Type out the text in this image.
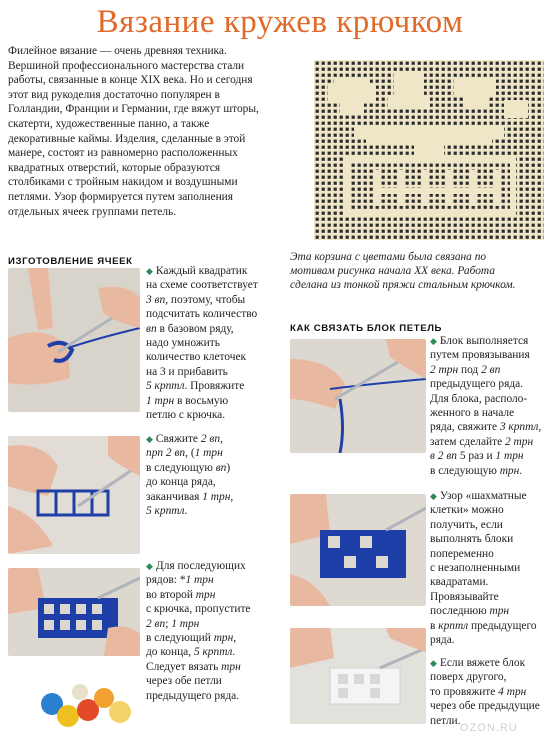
Вязание кружев крючком
Филейное вязание — очень древняя техника. Вершиной профессионального мастерства стали работы, связанные в конце XIX века. Но и сегодня этот вид рукоделия достаточно популярен в Голландии, Франции и Германии, где вяжут шторы, скатерти, художественные панно, а также декоративные каймы. Изделия, сделанные в этой манере, состоят из равномерно расположенных квадратных отверстий, которые образуются столбиками с тройным накидом и воздушными петлями. Узор формируется путем заполнения отдельных ячеек группами петель.
Эта корзина с цветами была связана по мотивам рисунка начала XX века. Работа сделана из тонкой пряжи стальным крючком.
ИЗГОТОВЛЕНИЕ ЯЧЕЕК
КАК СВЯЗАТЬ БЛОК ПЕТЕЛЬ
◆ Каждый квадратик
на схеме соответствует
3 вп, поэтому, чтобы
подсчитать количество
вп в базовом ряду,
надо умножить
количество клеточек
на 3 и прибавить
5 крптл. Провяжите
1 трн в восьмую
петлю с крючка.
◆ Свяжите 2 вп,
прп 2 вп, (1 трн
в следующую вп)
до конца ряда,
заканчивая 1 трн,
5 крптл.
◆ Для последующих
рядов: *1 трн
во второй трн
с крючка, пропустите
2 вп; 1 трн
в следующий трн,
до конца, 5 крптл.
Следует вязать трн
через обе петли
предыдущего ряда.
◆ Блок выполняется
путем провязывания
2 трн под 2 вп
предыдущего ряда.
Для блока, располо-
женного в начале
ряда, свяжите 3 крптл,
затем сделайте 2 трн
в 2 вп 5 раз и 1 трн
в следующую трн.
◆ Узор «шахматные
клетки» можно
получить, если
выполнять блоки
попеременно
с незаполненными
квадратами.
Провязывайте
последнюю трн
в крптл предыдущего
ряда.
◆ Если вяжете блок
поверх другого,
то провяжите 4 трн
через обе предыдущие
петли.
OZON.RU
